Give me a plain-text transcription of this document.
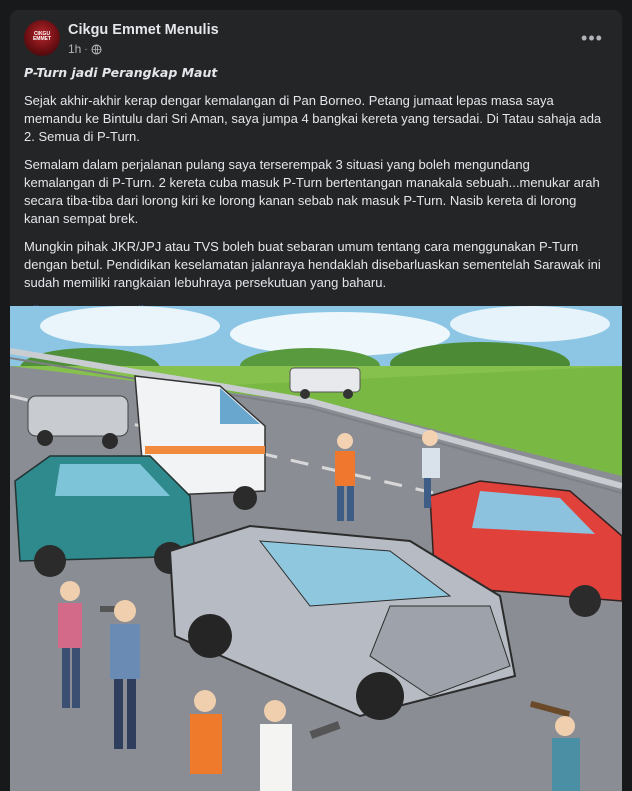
CIKGU
EMMET
Cikgu Emmet Menulis
1h ·
•••

P-Turn jadi Perangkap Maut

Sejak akhir-akhir kerap dengar kemalangan di Pan Borneo. Petang jumaat lepas masa saya memandu ke Bintulu dari Sri Aman, saya jumpa 4 bangkai kereta yang tersadai. Di Tatau sahaja ada 2. Semua di P-Turn.

Semalam dalam perjalanan pulang saya terserempak 3 situasi yang boleh mengundang kemalangan di P-Turn. 2 kereta cuba masuk P-Turn bertentangan manakala sebuah...menukar arah secara tiba-tiba dari lorong kiri ke lorong kanan sebab nak masuk P-Turn. Nasib kereta di lorong kanan sempat brek.

Mungkin pihak JKR/JPJ atau TVS boleh buat sebaran umum tentang cara menggunakan P-Turn dengan betul. Pendidikan keselamatan jalanraya hendaklah disebarluaskan sementelah Sarawak ini sudah memiliki rangkaian lebuhraya persekutuan yang baharu.
